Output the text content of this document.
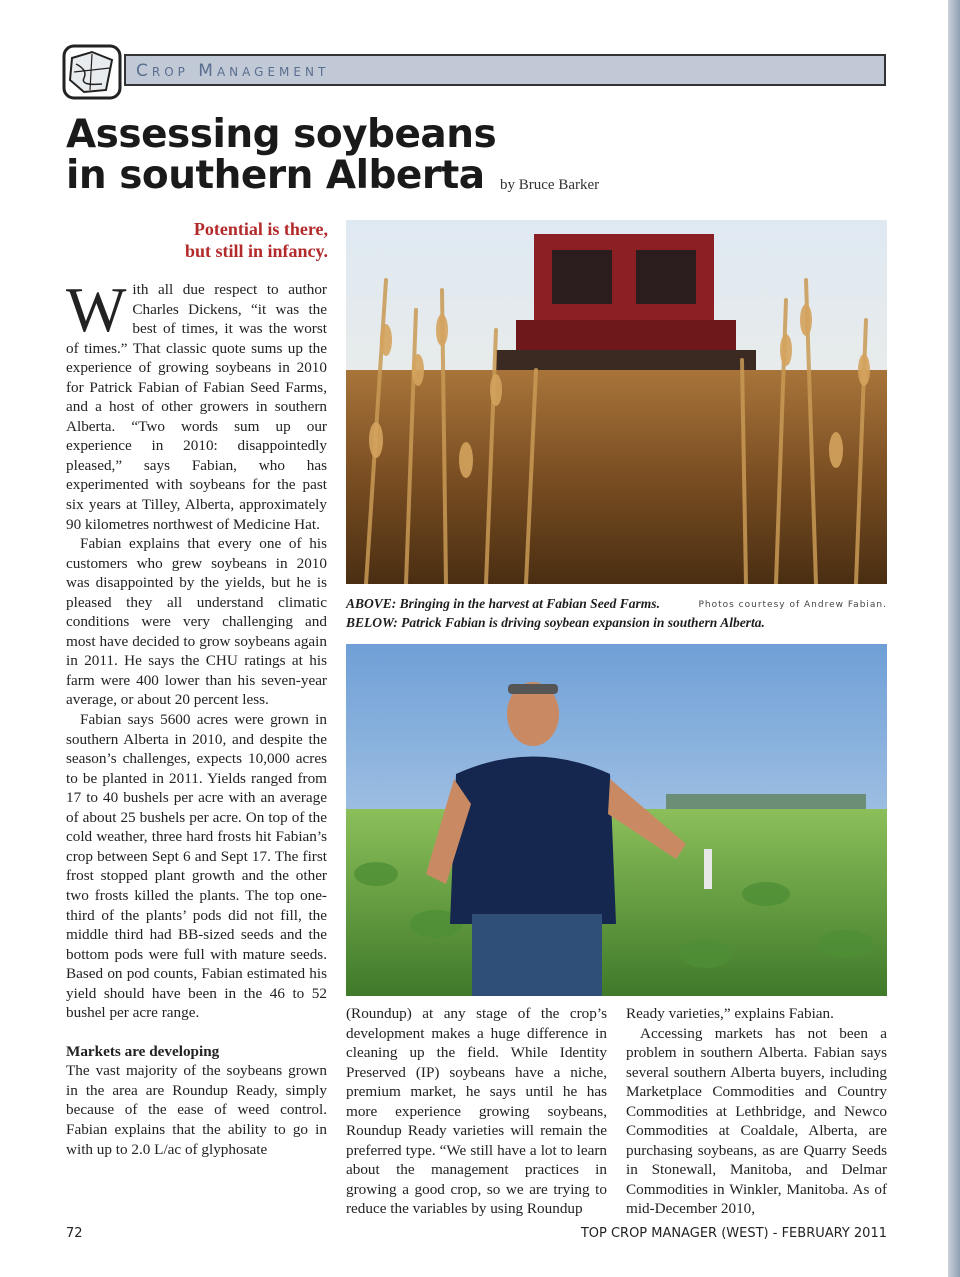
Crop Management
Assessing soybeans
in southern Alberta	by Bruce Barker
Potential is there,
but still in infancy.

With all due respect to author Charles Dickens, “it was the best of times, it was the worst of times.” That classic quote sums up the experience of growing soybeans in 2010 for Patrick Fabian of Fabian Seed Farms, and a host of other growers in southern Alberta. “Two words sum up our experience in 2010: disappointedly pleased,” says Fabian, who has experimented with soybeans for the past six years at Tilley, Alberta, approximately 90 kilometres northwest of Medicine Hat.

Fabian explains that every one of his customers who grew soybeans in 2010 was disappointed by the yields, but he is pleased they all understand climatic conditions were very challenging and most have decided to grow soybeans again in 2011. He says the CHU ratings at his farm were 400 lower than his seven-year average, or about 20 percent less.

Fabian says 5600 acres were grown in southern Alberta in 2010, and despite the season’s challenges, expects 10,000 acres to be planted in 2011. Yields ranged from 17 to 40 bushels per acre with an average of about 25 bushels per acre. On top of the cold weather, three hard frosts hit Fabian’s crop between Sept 6 and Sept 17. The first frost stopped plant growth and the other two frosts killed the plants. The top one-third of the plants’ pods did not fill, the middle third had BB-sized seeds and the bottom pods were full with mature seeds. Based on pod counts, Fabian estimated his yield should have been in the 46 to 52 bushel per acre range.

Markets are developing

The vast majority of the soybeans grown in the area are Roundup Ready, simply because of the ease of weed control. Fabian explains that the ability to go in with up to 2.0 L/ac of glyphosate

ABOVE: Bringing in the harvest at Fabian Seed Farms.
BELOW: Patrick Fabian is driving soybean expansion in southern Alberta.
Photos courtesy of Andrew Fabian.

(Roundup) at any stage of the crop’s development makes a huge difference in cleaning up the field. While Identity Preserved (IP) soybeans have a niche, premium market, he says until he has more experience growing soybeans, Roundup Ready varieties will remain the preferred type. “We still have a lot to learn about the management practices in growing a good crop, so we are trying to reduce the variables by using Roundup

Ready varieties,” explains Fabian.

Accessing markets has not been a problem in southern Alberta. Fabian says several southern Alberta buyers, including Marketplace Commodities and Country Commodities at Lethbridge, and Newco Commodities at Coaldale, Alberta, are purchasing soybeans, as are Quarry Seeds in Stonewall, Manitoba, and Delmar Commodities in Winkler, Manitoba. As of mid-December 2010,

72	TOP CROP MANAGER (WEST) - FEBRUARY 2011
